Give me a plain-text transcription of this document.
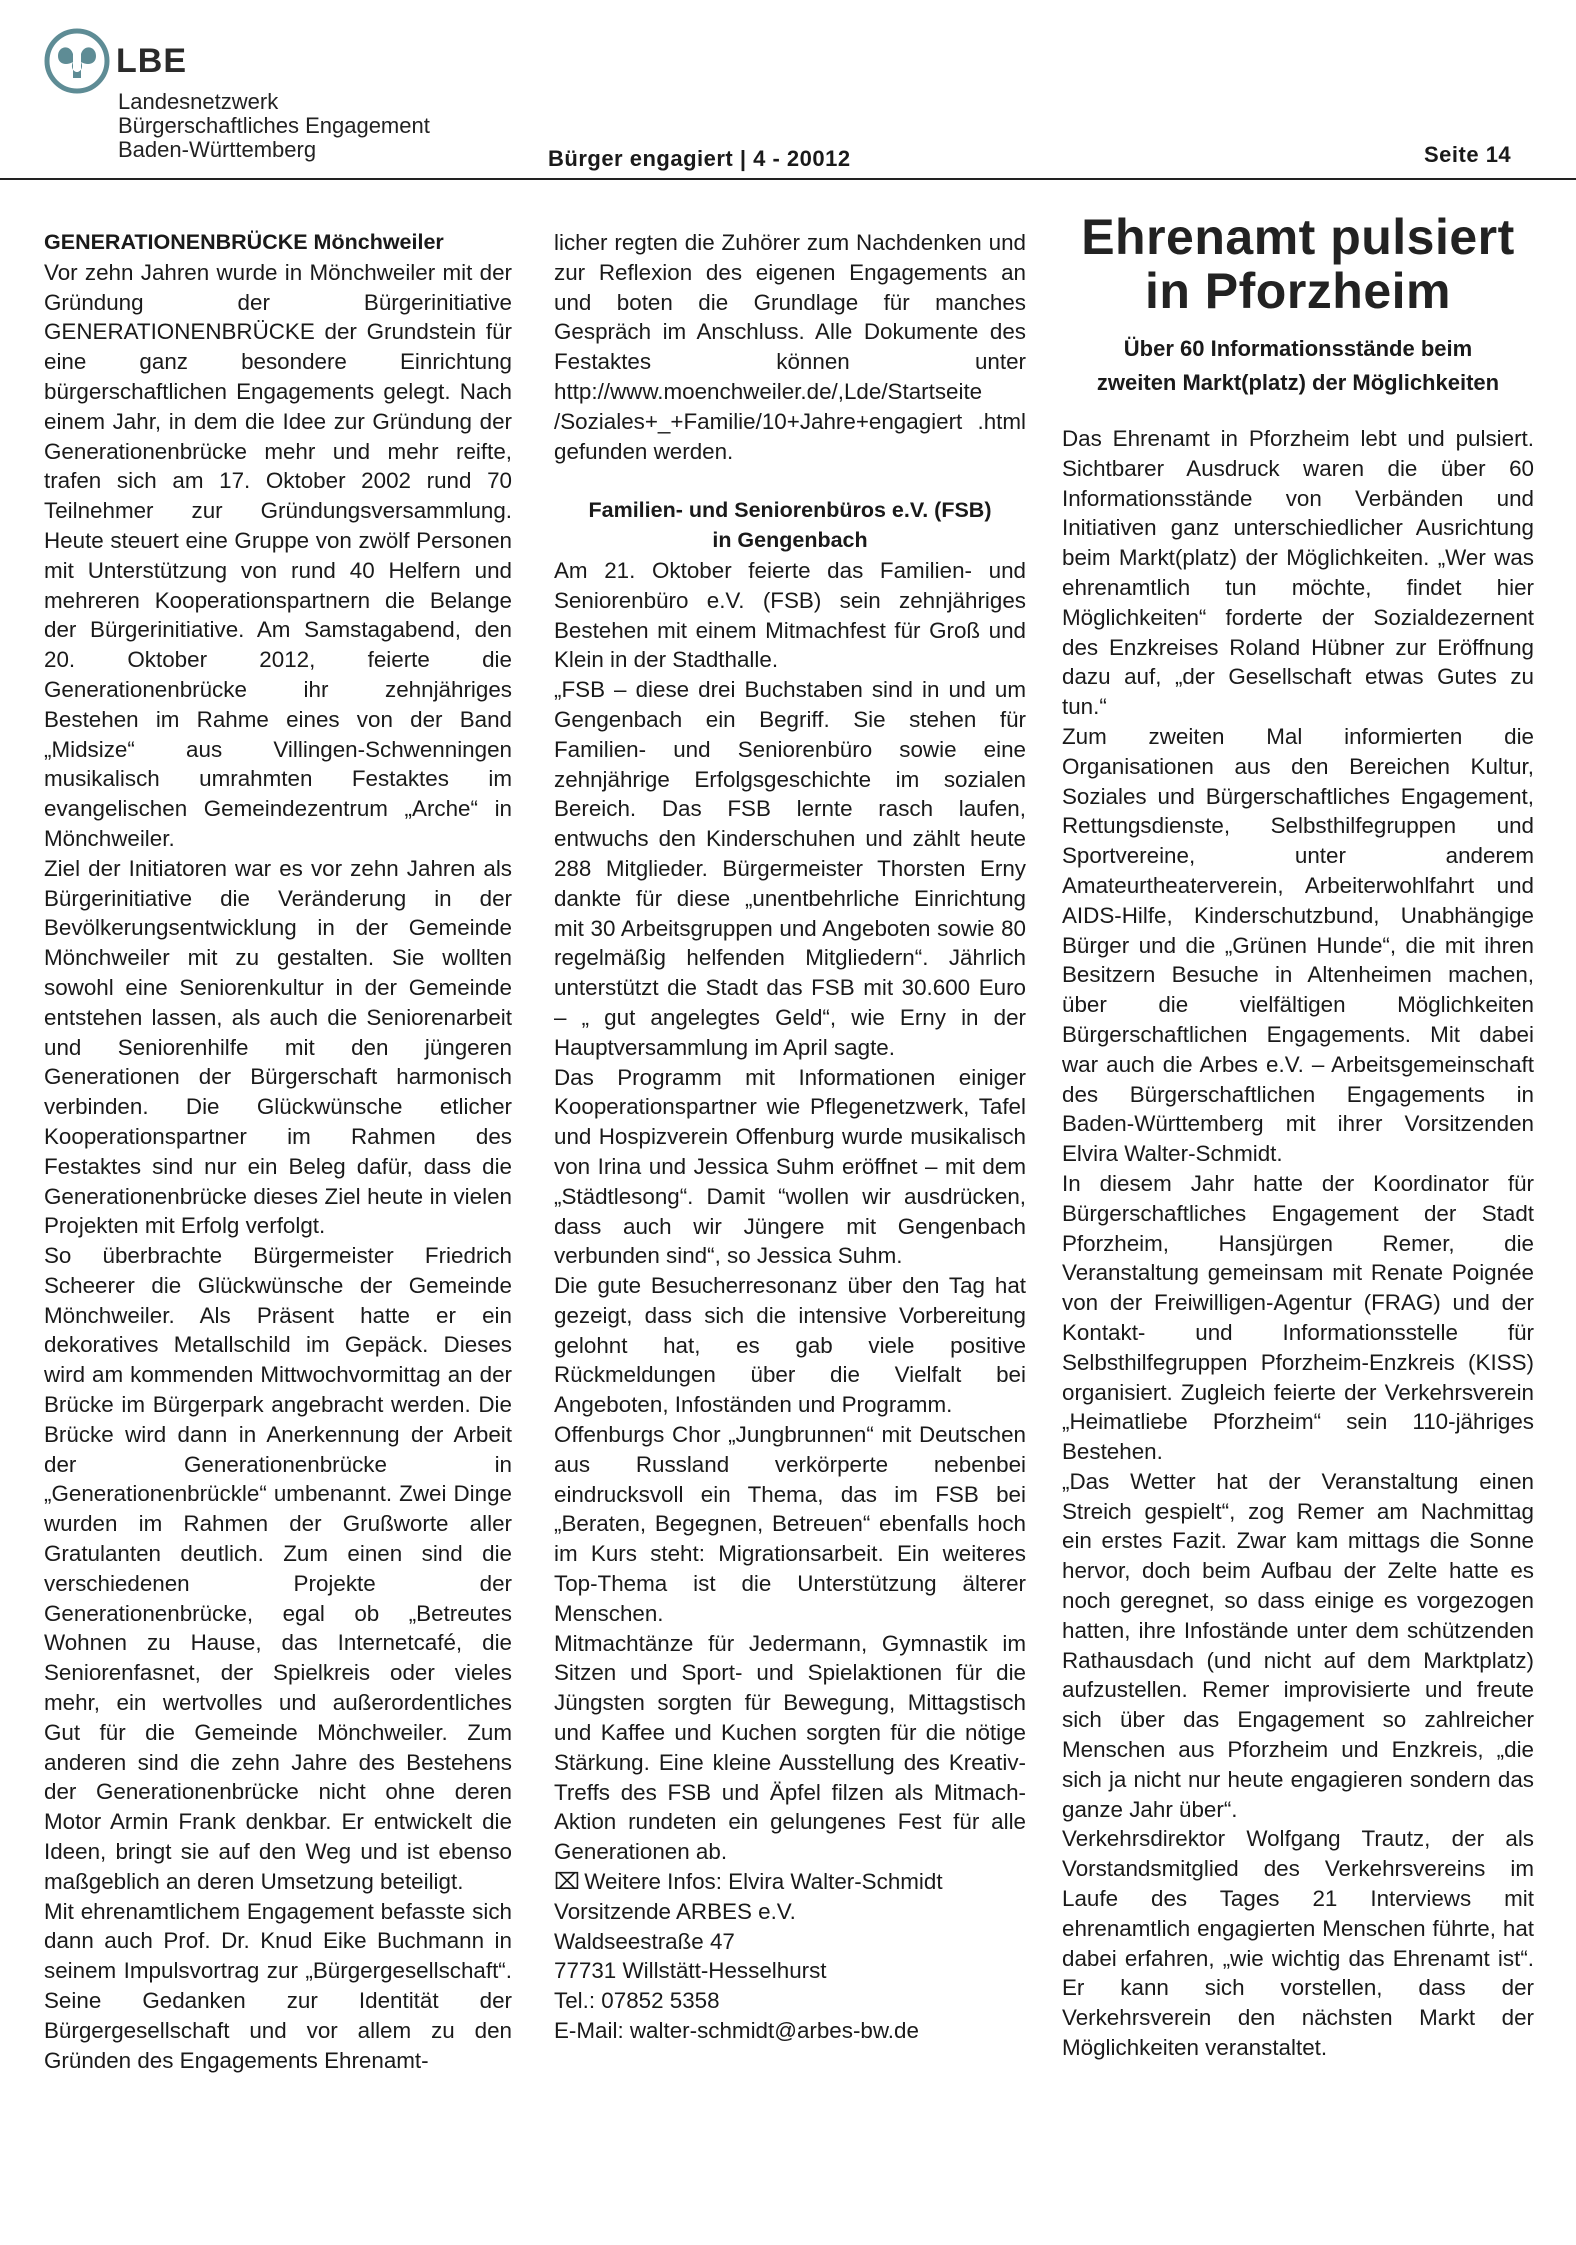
LBE
Landesnetzwerk
Bürgerschaftliches Engagement
Baden-Württemberg	Bürger engagiert | 4 - 20012	Seite 14
GENERATIONENBRÜCKE Mönchweiler

Vor zehn Jahren wurde in Mönchweiler mit der Gründung der Bürgerinitiative GENERATIONENBRÜCKE der Grundstein für eine ganz besondere Einrichtung bürgerschaftlichen Engagements gelegt. Nach einem Jahr, in dem die Idee zur Gründung der Generationenbrücke mehr und mehr reifte, trafen sich am 17. Oktober 2002 rund 70 Teilnehmer zur Gründungsversammlung. Heute steuert eine Gruppe von zwölf Personen mit Unterstützung von rund 40 Helfern und mehreren Kooperationspartnern die Belange der Bürgerinitiative. Am Samstagabend, den 20. Oktober 2012, feierte die Generationenbrücke ihr zehnjähriges Bestehen im Rahme eines von der Band „Midsize“ aus Villingen-Schwenningen musikalisch umrahmten Festaktes im evangelischen Gemeindezentrum „Arche“ in Mönchweiler.

Ziel der Initiatoren war es vor zehn Jahren als Bürgerinitiative die Veränderung in der Bevölkerungsentwicklung in der Gemeinde Mönchweiler mit zu gestalten. Sie wollten sowohl eine Seniorenkultur in der Gemeinde entstehen lassen, als auch die Seniorenarbeit und Seniorenhilfe mit den jüngeren Generationen der Bürgerschaft harmonisch verbinden. Die Glückwünsche etlicher Kooperationspartner im Rahmen des Festaktes sind nur ein Beleg dafür, dass die Generationenbrücke dieses Ziel heute in vielen Projekten mit Erfolg verfolgt.

So überbrachte Bürgermeister Friedrich Scheerer die Glückwünsche der Gemeinde Mönchweiler. Als Präsent hatte er ein dekoratives Metallschild im Gepäck. Dieses wird am kommenden Mittwochvormittag an der Brücke im Bürgerpark angebracht werden. Die Brücke wird dann in Anerkennung der Arbeit der Generationenbrücke in „Generationenbrückle“ umbenannt. Zwei Dinge wurden im Rahmen der Grußworte aller Gratulanten deutlich. Zum einen sind die verschiedenen Projekte der Generationenbrücke, egal ob „Betreutes Wohnen zu Hause, das Internetcafé, die Seniorenfasnet, der Spielkreis oder vieles mehr, ein wertvolles und außerordentliches Gut für die Gemeinde Mönchweiler. Zum anderen sind die zehn Jahre des Bestehens der Generationenbrücke nicht ohne deren Motor Armin Frank denkbar. Er entwickelt die Ideen, bringt sie auf den Weg und ist ebenso maßgeblich an deren Umsetzung beteiligt.

Mit ehrenamtlichem Engagement befasste sich dann auch Prof. Dr. Knud Eike Buchmann in seinem Impulsvortrag zur „Bürgergesellschaft“. Seine Gedanken zur Identität der Bürgergesellschaft und vor allem zu den Gründen des Engagements Ehrenamt-

licher regten die Zuhörer zum Nachdenken und zur Reflexion des eigenen Engagements an und boten die Grundlage für manches Gespräch im Anschluss. Alle Dokumente des Festaktes können unter http://www.moenchweiler.de/,Lde/Startseite /Soziales+_+Familie/10+Jahre+engagiert .html gefunden werden.

Familien- und Seniorenbüros e.V. (FSB)
in Gengenbach

Am 21. Oktober feierte das Familien- und Seniorenbüro e.V. (FSB) sein zehnjähriges Bestehen mit einem Mitmachfest für Groß und Klein in der Stadthalle.

„FSB – diese drei Buchstaben sind in und um Gengenbach ein Begriff. Sie stehen für Familien- und Seniorenbüro sowie eine zehnjährige Erfolgsgeschichte im sozialen Bereich. Das FSB lernte rasch laufen, entwuchs den Kinderschuhen und zählt heute 288 Mitglieder. Bürgermeister Thorsten Erny dankte für diese „unentbehrliche Einrichtung mit 30 Arbeitsgruppen und Angeboten sowie 80 regelmäßig helfenden Mitgliedern“. Jährlich unterstützt die Stadt das FSB mit 30.600 Euro – „ gut angelegtes Geld“, wie Erny in der Hauptversammlung im April sagte.

Das Programm mit Informationen einiger Kooperationspartner wie Pflegenetzwerk, Tafel und Hospizverein Offenburg wurde musikalisch von Irina und Jessica Suhm eröffnet – mit dem „Städtlesong“. Damit “wollen wir ausdrücken, dass auch wir Jüngere mit Gengenbach verbunden sind“, so Jessica Suhm.

Die gute Besucherresonanz über den Tag hat gezeigt, dass sich die intensive Vorbereitung gelohnt hat, es gab viele positive Rückmeldungen über die Vielfalt bei Angeboten, Infoständen und Programm.

Offenburgs Chor „Jungbrunnen“ mit Deutschen aus Russland verkörperte nebenbei eindrucksvoll ein Thema, das im FSB bei „Beraten, Begegnen, Betreuen“ ebenfalls hoch im Kurs steht: Migrationsarbeit. Ein weiteres Top-Thema ist die Unterstützung älterer Menschen.

Mitmachtänze für Jedermann, Gymnastik im Sitzen und Sport- und Spielaktionen für die Jüngsten sorgten für Bewegung, Mittagstisch und Kaffee und Kuchen sorgten für die nötige Stärkung. Eine kleine Ausstellung des Kreativ-Treffs des FSB und Äpfel filzen als Mitmach-Aktion rundeten ein gelungenes Fest für alle Generationen ab.

⌧ Weitere Infos: Elvira Walter-Schmidt
Vorsitzende ARBES e.V.
Waldseestraße 47
77731 Willstätt-Hesselhurst
Tel.: 07852 5358
E-Mail: walter-schmidt@arbes-bw.de
Ehrenamt pulsiert
in Pforzheim
Über 60 Informationsstände beim
zweiten Markt(platz) der Möglichkeiten

Das Ehrenamt in Pforzheim lebt und pulsiert. Sichtbarer Ausdruck waren die über 60 Informationsstände von Verbänden und Initiativen ganz unterschiedlicher Ausrichtung beim Markt(platz) der Möglichkeiten. „Wer was ehrenamtlich tun möchte, findet hier Möglichkeiten“ forderte der Sozialdezernent des Enzkreises Roland Hübner zur Eröffnung dazu auf, „der Gesellschaft etwas Gutes zu tun.“

Zum zweiten Mal informierten die Organisationen aus den Bereichen Kultur, Soziales und Bürgerschaftliches Engagement, Rettungsdienste, Selbsthilfegruppen und Sportvereine, unter anderem Amateurtheaterverein, Arbeiterwohlfahrt und AIDS-Hilfe, Kinderschutzbund, Unabhängige Bürger und die „Grünen Hunde“, die mit ihren Besitzern Besuche in Altenheimen machen, über die vielfältigen Möglichkeiten Bürgerschaftlichen Engagements. Mit dabei war auch die Arbes e.V. – Arbeitsgemeinschaft des Bürgerschaftlichen Engagements in Baden-Württemberg mit ihrer Vorsitzenden Elvira Walter-Schmidt.

In diesem Jahr hatte der Koordinator für Bürgerschaftliches Engagement der Stadt Pforzheim, Hansjürgen Remer, die Veranstaltung gemeinsam mit Renate Poignée von der Freiwilligen-Agentur (FRAG) und der Kontakt- und Informationsstelle für Selbsthilfegruppen Pforzheim-Enzkreis (KISS) organisiert. Zugleich feierte der Verkehrsverein „Heimatliebe Pforzheim“ sein 110-jähriges Bestehen.

„Das Wetter hat der Veranstaltung einen Streich gespielt“, zog Remer am Nachmittag ein erstes Fazit. Zwar kam mittags die Sonne hervor, doch beim Aufbau der Zelte hatte es noch geregnet, so dass einige es vorgezogen hatten, ihre Infostände unter dem schützenden Rathausdach (und nicht auf dem Marktplatz) aufzustellen. Remer improvisierte und freute sich über das Engagement so zahlreicher Menschen aus Pforzheim und Enzkreis, „die sich ja nicht nur heute engagieren sondern das ganze Jahr über“.

Verkehrsdirektor Wolfgang Trautz, der als Vorstandsmitglied des Verkehrsvereins im Laufe des Tages 21 Interviews mit ehrenamtlich engagierten Menschen führte, hat dabei erfahren, „wie wichtig das Ehrenamt ist“. Er kann sich vorstellen, dass der Verkehrsverein den nächsten Markt der Möglichkeiten veranstaltet.
